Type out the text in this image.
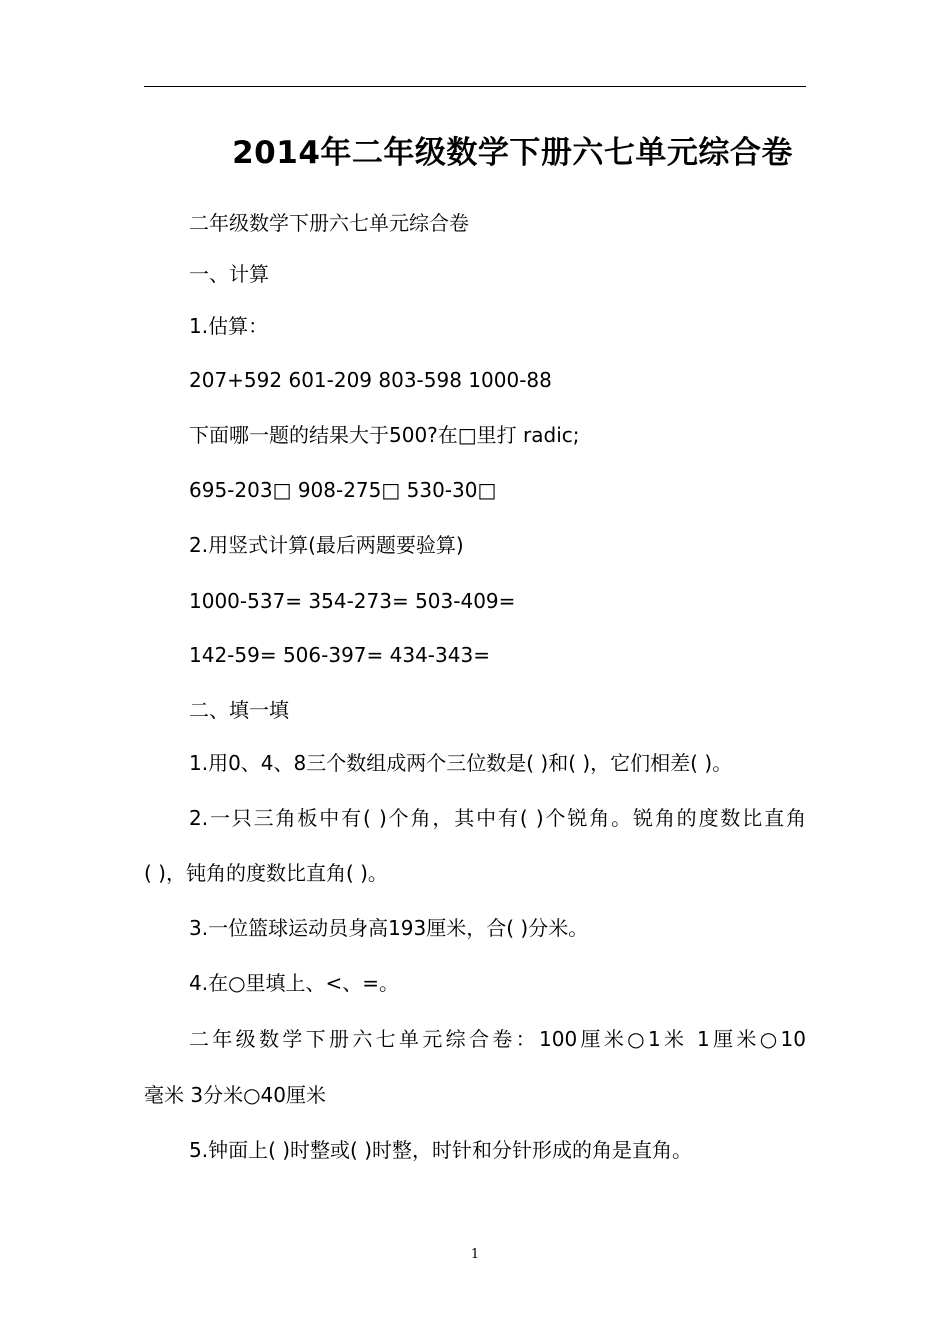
2014年二年级数学下册六七单元综合卷
二年级数学下册六七单元综合卷
一、计算
1.估算：
207+592 601-209 803-598 1000-88
下面哪一题的结果大于500?在□里打 radic;
695-203□ 908-275□ 530-30□
2.用竖式计算(最后两题要验算)
1000-537= 354-273= 503-409=
142-59= 506-397= 434-343=
二、填一填
1.用0、4、8三个数组成两个三位数是( )和( )，它们相差( )。
2.一只三角板中有( )个角，其中有( )个锐角。锐角的度数比直角
( )，钝角的度数比直角( )。
3.一位篮球运动员身高193厘米，合( )分米。
4.在○里填上、<、=。
二年级数学下册六七单元综合卷：100厘米○1米 1厘米○10
毫米 3分米○40厘米
5.钟面上( )时整或( )时整，时针和分针形成的角是直角。
1
